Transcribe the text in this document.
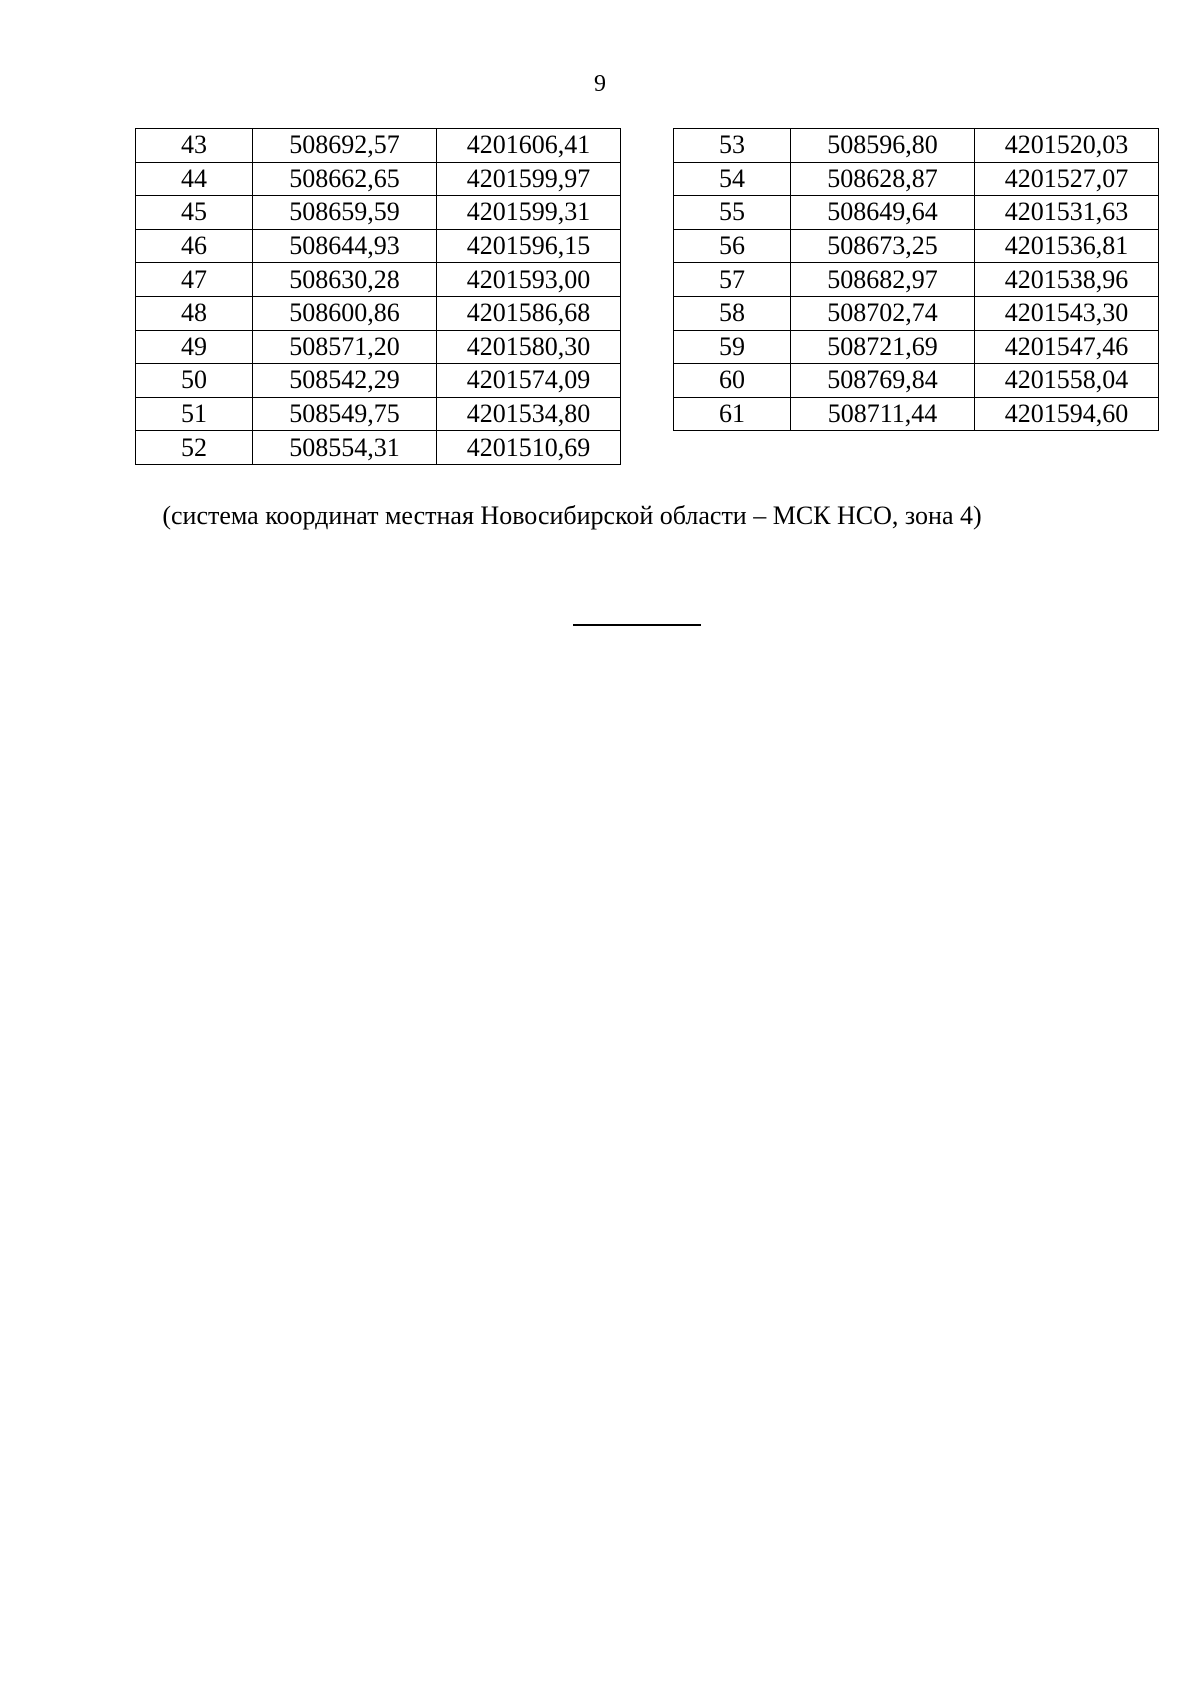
9
43	508692,57	4201606,41
44	508662,65	4201599,97
45	508659,59	4201599,31
46	508644,93	4201596,15
47	508630,28	4201593,00
48	508600,86	4201586,68
49	508571,20	4201580,30
50	508542,29	4201574,09
51	508549,75	4201534,80
52	508554,31	4201510,69
53	508596,80	4201520,03
54	508628,87	4201527,07
55	508649,64	4201531,63
56	508673,25	4201536,81
57	508682,97	4201538,96
58	508702,74	4201543,30
59	508721,69	4201547,46
60	508769,84	4201558,04
61	508711,44	4201594,60
(система координат местная Новосибирской области – МСК НСО, зона 4)
